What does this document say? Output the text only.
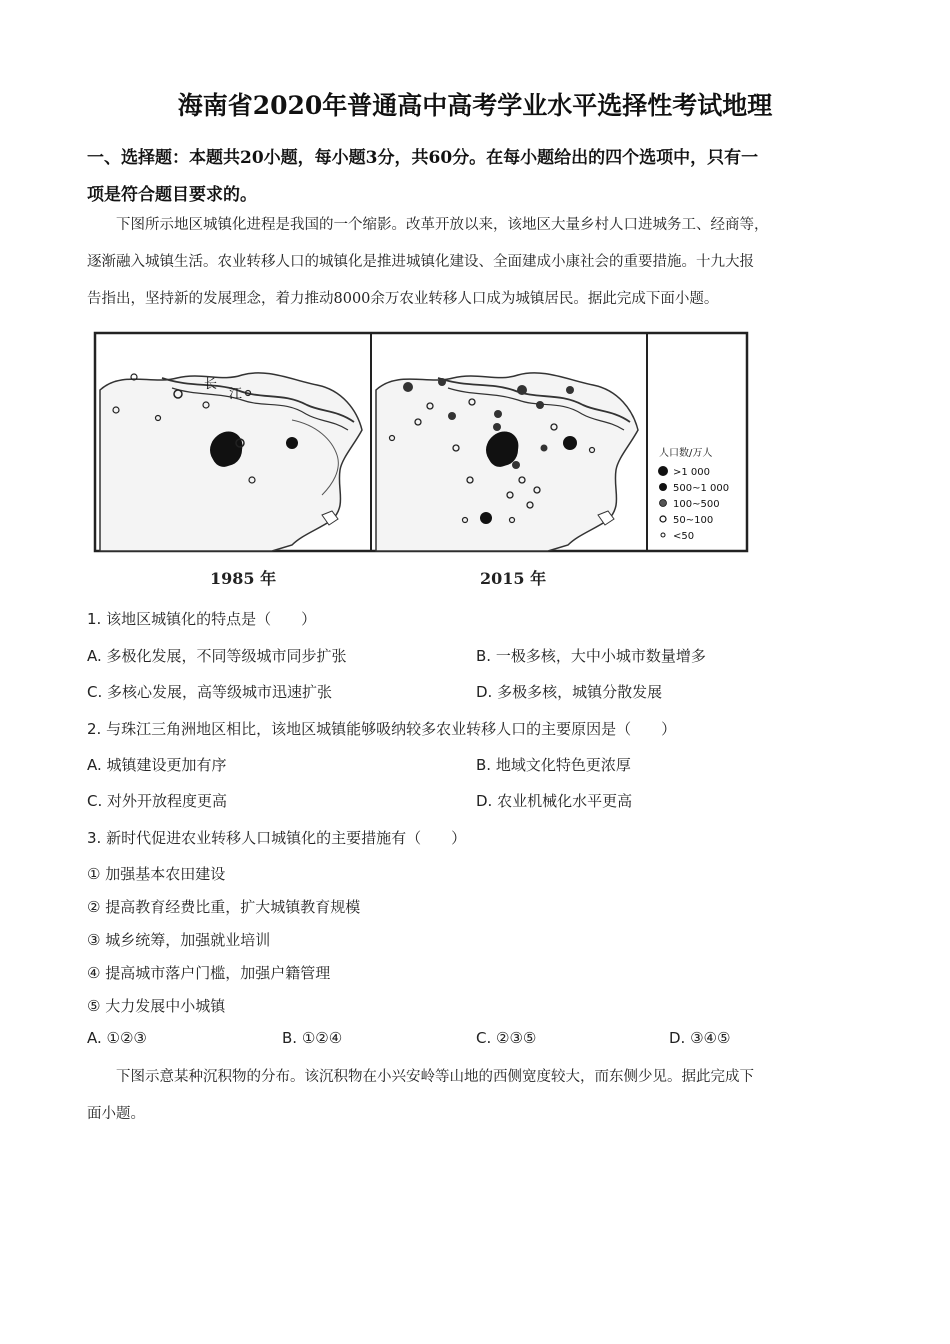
海南省2020年普通高中高考学业水平选择性考试地理
一、选择题：本题共20小题，每小题3分，共60分。在每小题给出的四个选项中，只有一
项是符合题目要求的。
下图所示地区城镇化进程是我国的一个缩影。改革开放以来，该地区大量乡村人口进城务工、经商等，
逐渐融入城镇生活。农业转移人口的城镇化是推进城镇化建设、全面建成小康社会的重要措施。十九大报
告指出，坚持新的发展理念，着力推动8000余万农业转移人口成为城镇居民。据此完成下面小题。
长
江
人口数/万人
>1 000
500~1 000
100~500
50~100
<50
1985 年	2015 年
1. 该地区城镇化的特点是（　　）
A. 多极化发展，不同等级城市同步扩张	B. 一极多核，大中小城市数量增多
C. 多核心发展，高等级城市迅速扩张	D. 多极多核，城镇分散发展
2. 与珠江三角洲地区相比，该地区城镇能够吸纳较多农业转移人口的主要原因是（　　）
A. 城镇建设更加有序	B. 地域文化特色更浓厚
C. 对外开放程度更高	D. 农业机械化水平更高
3. 新时代促进农业转移人口城镇化的主要措施有（　　）
① 加强基本农田建设
② 提高教育经费比重，扩大城镇教育规模
③ 城乡统筹，加强就业培训
④ 提高城市落户门槛，加强户籍管理
⑤ 大力发展中小城镇
A. ①②③	B. ①②④	C. ②③⑤	D. ③④⑤
下图示意某种沉积物的分布。该沉积物在小兴安岭等山地的西侧宽度较大，而东侧少见。据此完成下
面小题。
